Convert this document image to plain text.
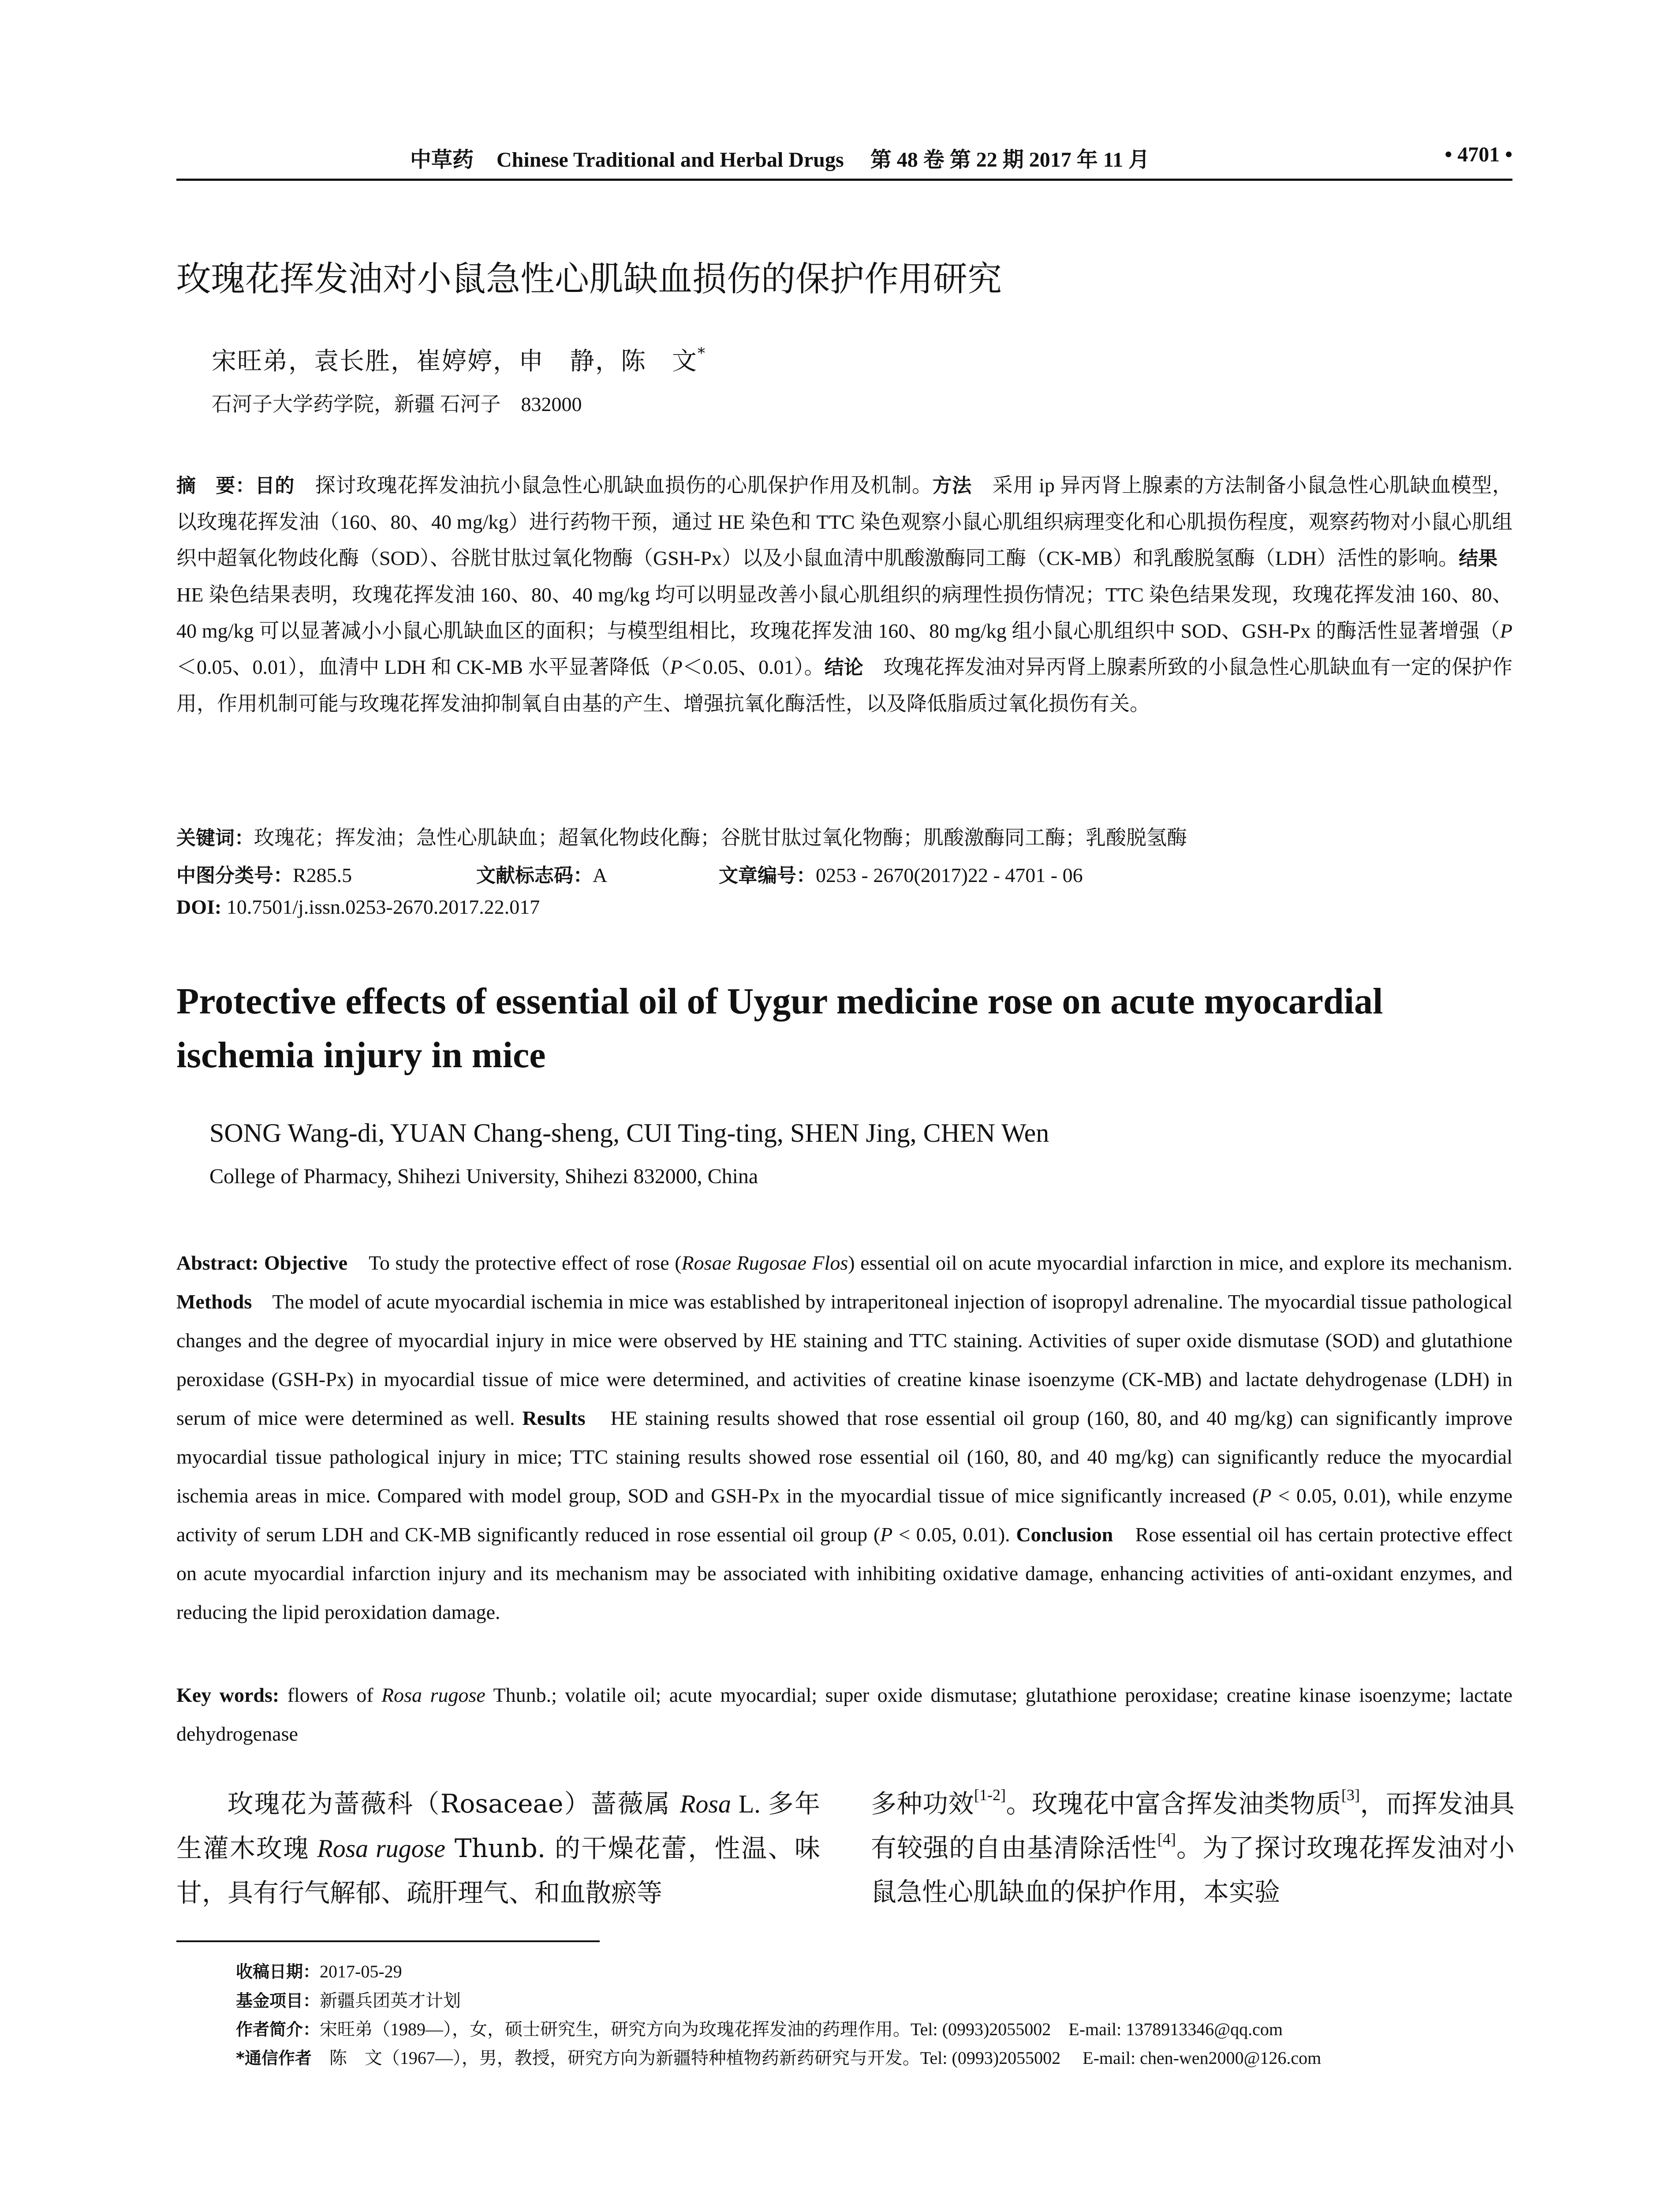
中草药 Chinese Traditional and Herbal Drugs 第 48 卷 第 22 期 2017 年 11 月	• 4701 •
玫瑰花挥发油对小鼠急性心肌缺血损伤的保护作用研究
宋旺弟，袁长胜，崔婷婷，申　静，陈　文*
石河子大学药学院，新疆 石河子　832000
摘　要：目的　探讨玫瑰花挥发油抗小鼠急性心肌缺血损伤的心肌保护作用及机制。方法　采用 ip 异丙肾上腺素的方法制备小鼠急性心肌缺血模型，以玫瑰花挥发油（160、80、40 mg/kg）进行药物干预，通过 HE 染色和 TTC 染色观察小鼠心肌组织病理变化和心肌损伤程度，观察药物对小鼠心肌组织中超氧化物歧化酶（SOD）、谷胱甘肽过氧化物酶（GSH-Px）以及小鼠血清中肌酸激酶同工酶（CK-MB）和乳酸脱氢酶（LDH）活性的影响。结果　HE 染色结果表明，玫瑰花挥发油 160、80、40 mg/kg 均可以明显改善小鼠心肌组织的病理性损伤情况；TTC 染色结果发现，玫瑰花挥发油 160、80、40 mg/kg 可以显著减小小鼠心肌缺血区的面积；与模型组相比，玫瑰花挥发油 160、80 mg/kg 组小鼠心肌组织中 SOD、GSH-Px 的酶活性显著增强（P＜0.05、0.01），血清中 LDH 和 CK-MB 水平显著降低（P＜0.05、0.01）。结论　玫瑰花挥发油对异丙肾上腺素所致的小鼠急性心肌缺血有一定的保护作用，作用机制可能与玫瑰花挥发油抑制氧自由基的产生、增强抗氧化酶活性，以及降低脂质过氧化损伤有关。
关键词：玫瑰花；挥发油；急性心肌缺血；超氧化物歧化酶；谷胱甘肽过氧化物酶；肌酸激酶同工酶；乳酸脱氢酶
中图分类号：R285.5	文献标志码：A	文章编号：0253 - 2670(2017)22 - 4701 - 06
DOI: 10.7501/j.issn.0253-2670.2017.22.017
Protective effects of essential oil of Uygur medicine rose on acute myocardial ischemia injury in mice
SONG Wang-di, YUAN Chang-sheng, CUI Ting-ting, SHEN Jing, CHEN Wen
College of Pharmacy, Shihezi University, Shihezi 832000, China
Abstract: Objective　To study the protective effect of rose (Rosae Rugosae Flos) essential oil on acute myocardial infarction in mice, and explore its mechanism. Methods　The model of acute myocardial ischemia in mice was established by intraperitoneal injection of isopropyl adrenaline. The myocardial tissue pathological changes and the degree of myocardial injury in mice were observed by HE staining and TTC staining. Activities of super oxide dismutase (SOD) and glutathione peroxidase (GSH-Px) in myocardial tissue of mice were determined, and activities of creatine kinase isoenzyme (CK-MB) and lactate dehydrogenase (LDH) in serum of mice were determined as well. Results　HE staining results showed that rose essential oil group (160, 80, and 40 mg/kg) can significantly improve myocardial tissue pathological injury in mice; TTC staining results showed rose essential oil (160, 80, and 40 mg/kg) can significantly reduce the myocardial ischemia areas in mice. Compared with model group, SOD and GSH-Px in the myocardial tissue of mice significantly increased (P < 0.05, 0.01), while enzyme activity of serum LDH and CK-MB significantly reduced in rose essential oil group (P < 0.05, 0.01). Conclusion　Rose essential oil has certain protective effect on acute myocardial infarction injury and its mechanism may be associated with inhibiting oxidative damage, enhancing activities of anti-oxidant enzymes, and reducing the lipid peroxidation damage.
Key words: flowers of Rosa rugose Thunb.; volatile oil; acute myocardial; super oxide dismutase; glutathione peroxidase; creatine kinase isoenzyme; lactate dehydrogenase
玫瑰花为蔷薇科（Rosaceae）蔷薇属 Rosa L. 多年生灌木玫瑰 Rosa rugose Thunb. 的干燥花蕾，性温、味甘，具有行气解郁、疏肝理气、和血散瘀等
多种功效[1-2]。玫瑰花中富含挥发油类物质[3]，而挥发油具有较强的自由基清除活性[4]。为了探讨玫瑰花挥发油对小鼠急性心肌缺血的保护作用，本实验
收稿日期：2017-05-29
基金项目：新疆兵团英才计划
作者简介：宋旺弟（1989—），女，硕士研究生，研究方向为玫瑰花挥发油的药理作用。Tel: (0993)2055002　E-mail: 1378913346@qq.com
*通信作者　陈　文（1967—），男，教授，研究方向为新疆特种植物药新药研究与开发。Tel: (0993)2055002　 E-mail: chen-wen2000@126.com
